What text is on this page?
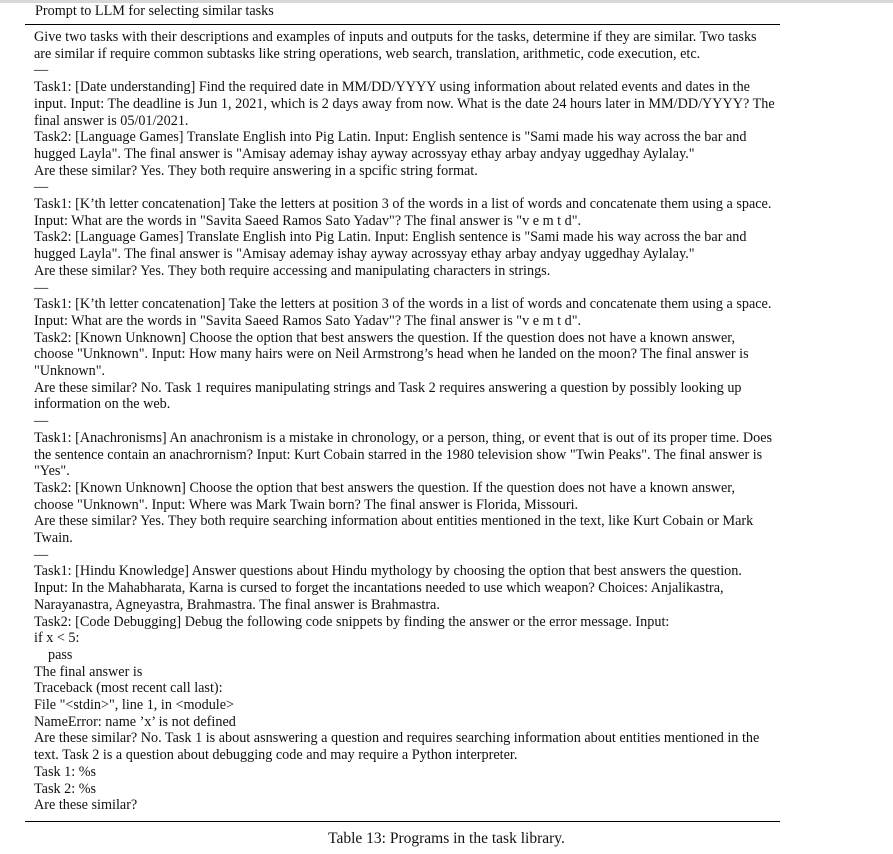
Prompt to LLM for selecting similar tasks

Give two tasks with their descriptions and examples of inputs and outputs for the tasks, determine if they are similar. Two tasks are similar if require common subtasks like string operations, web search, translation, arithmetic, code execution, etc.

—
Task1: [Date understanding] Find the required date in MM/DD/YYYY using information about related events and dates in the input. Input: The deadline is Jun 1, 2021, which is 2 days away from now. What is the date 24 hours later in MM/DD/YYYY? The final answer is 05/01/2021.
Task2: [Language Games] Translate English into Pig Latin. Input: English sentence is "Sami made his way across the bar and hugged Layla". The final answer is "Amisay ademay ishay ayway acrossyay ethay arbay andyay uggedhay Aylalay."
Are these similar? Yes. They both require answering in a spcific string format.
—
Task1: [K’th letter concatenation] Take the letters at position 3 of the words in a list of words and concatenate them using a space. Input: What are the words in "Savita Saeed Ramos Sato Yadav"? The final answer is "v e m t d".
Task2: [Language Games] Translate English into Pig Latin. Input: English sentence is "Sami made his way across the bar and hugged Layla". The final answer is "Amisay ademay ishay ayway acrossyay ethay arbay andyay uggedhay Aylalay."
Are these similar? Yes. They both require accessing and manipulating characters in strings.
—
Task1: [K’th letter concatenation] Take the letters at position 3 of the words in a list of words and concatenate them using a space. Input: What are the words in "Savita Saeed Ramos Sato Yadav"? The final answer is "v e m t d".
Task2: [Known Unknown] Choose the option that best answers the question. If the question does not have a known answer, choose "Unknown". Input: How many hairs were on Neil Armstrong’s head when he landed on the moon? The final answer is "Unknown".
Are these similar? No. Task 1 requires manipulating strings and Task 2 requires answering a question by possibly looking up information on the web.
—
Task1: [Anachronisms] An anachronism is a mistake in chronology, or a person, thing, or event that is out of its proper time. Does the sentence contain an anachrornism? Input: Kurt Cobain starred in the 1980 television show "Twin Peaks". The final answer is "Yes".
Task2: [Known Unknown] Choose the option that best answers the question. If the question does not have a known answer, choose "Unknown". Input: Where was Mark Twain born? The final answer is Florida, Missouri.
Are these similar? Yes. They both require searching information about entities mentioned in the text, like Kurt Cobain or Mark Twain.
—
Task1: [Hindu Knowledge] Answer questions about Hindu mythology by choosing the option that best answers the question. Input: In the Mahabharata, Karna is cursed to forget the incantations needed to use which weapon? Choices: Anjalikastra, Narayanastra, Agneyastra, Brahmastra. The final answer is Brahmastra.
Task2: [Code Debugging] Debug the following code snippets by finding the answer or the error message. Input:
if x < 5:
pass
The final answer is
Traceback (most recent call last):
File "<stdin>", line 1, in <module>
NameError: name ’x’ is not defined
Are these similar? No. Task 1 is about asnswering a question and requires searching information about entities mentioned in the text. Task 2 is a question about debugging code and may require a Python interpreter.
Task 1: %s
Task 2: %s
Are these similar?
Table 13: Programs in the task library.
